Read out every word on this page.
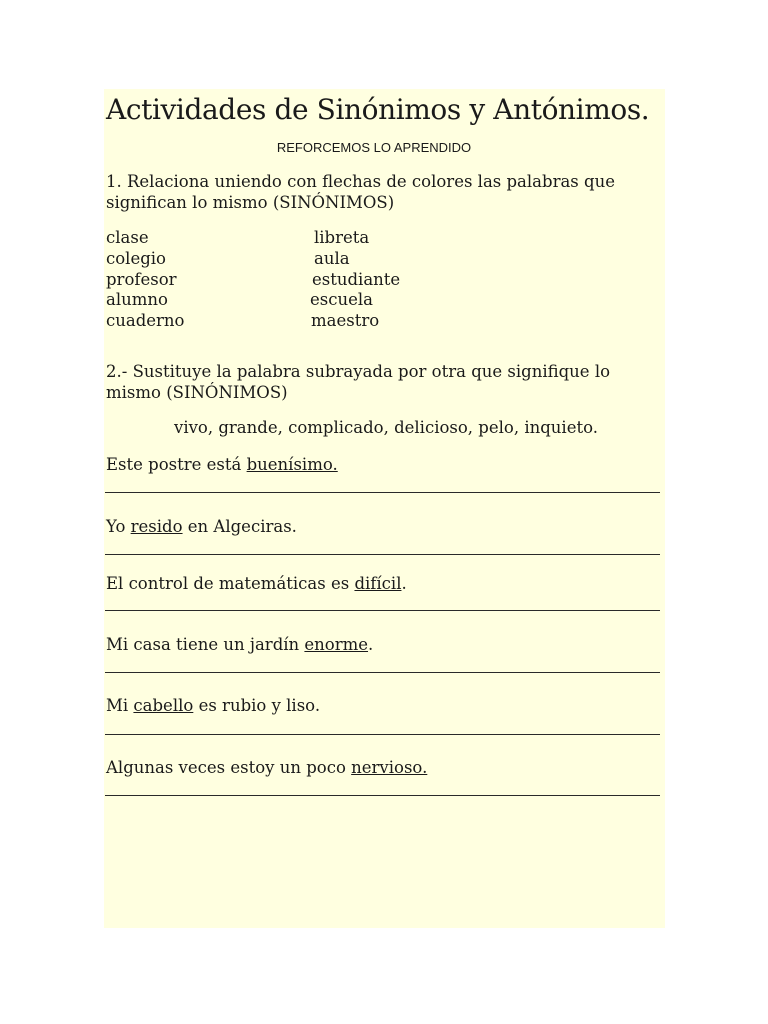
Actividades de Sinónimos y Antónimos.
REFORCEMOS LO APRENDIDO
1. Relaciona uniendo con flechas de colores las palabras que significan lo mismo (SINÓNIMOS)
clase
colegio
profesor
alumno
cuaderno
libreta
aula
estudiante
escuela
maestro
2.- Sustituye la palabra subrayada por otra que signifique lo mismo (SINÓNIMOS)
vivo, grande, complicado, delicioso, pelo, inquieto.
Este postre está buenísimo.
Yo resido en Algeciras.
El control de matemáticas es difícil.
Mi casa tiene un jardín enorme.
Mi cabello es rubio y liso.
Algunas veces estoy un poco nervioso.
